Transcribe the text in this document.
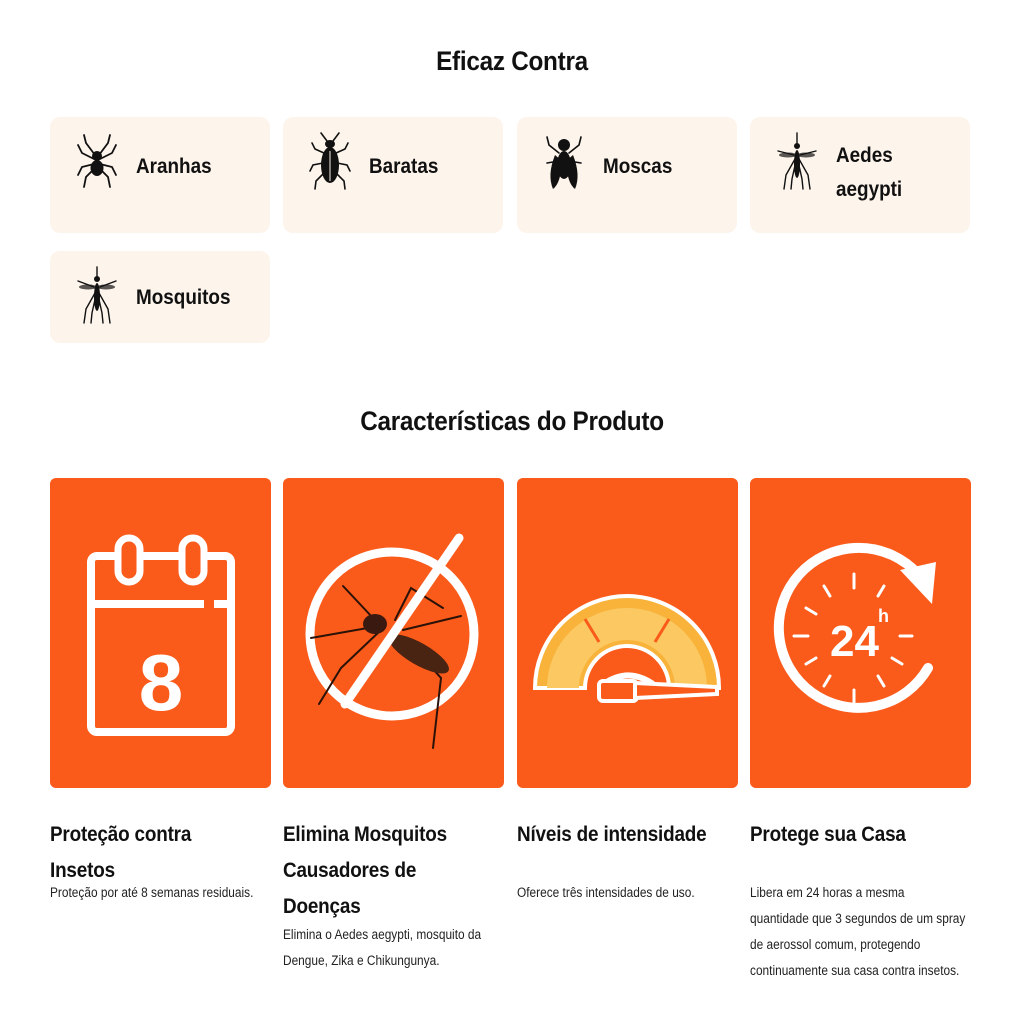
Eficaz Contra
Aranhas	Baratas	Moscas	Aedes aegypti
Mosquitos
Características do Produto
8	24
h
Proteção contra Insetos
Proteção por até 8 semanas residuais.
Elimina Mosquitos Causadores de Doenças
Elimina o Aedes aegypti, mosquito da Dengue, Zika e Chikungunya.
Níveis de intensidade
Oferece três intensidades de uso.
Protege sua Casa
Libera em 24 horas a mesma quantidade que 3 segundos de um spray de aerossol comum, protegendo continuamente sua casa contra insetos.
